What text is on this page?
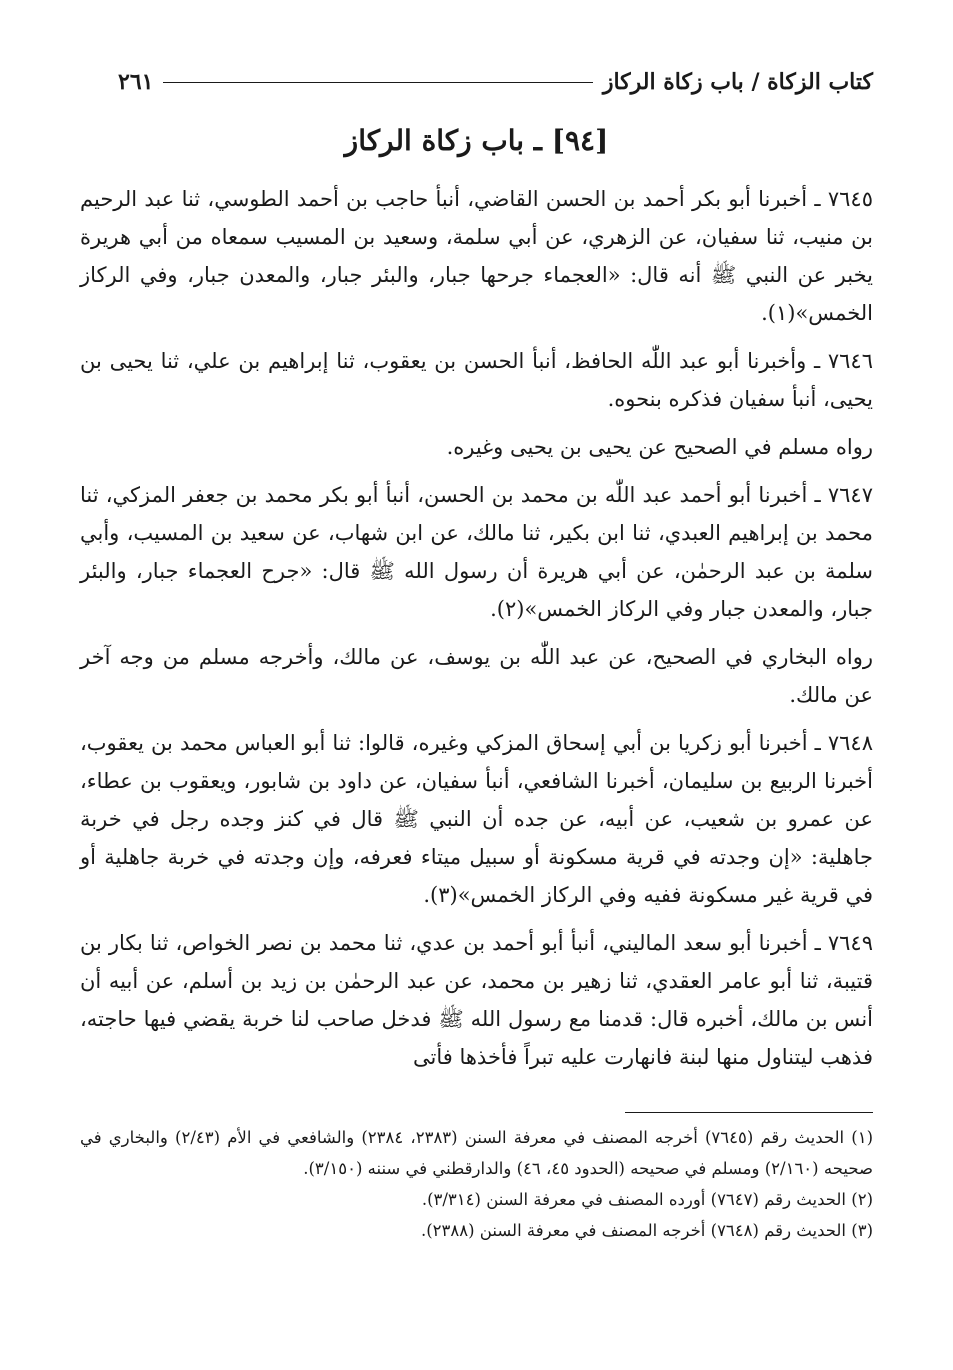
كتاب الزكاة / باب زكاة الركاز
٢٦١
[٩٤] ـ باب زكاة الركاز

٧٦٤٥ ـ أخبرنا أبو بكر أحمد بن الحسن القاضي، أنبأ حاجب بن أحمد الطوسي، ثنا عبد الرحيم بن منيب، ثنا سفيان، عن الزهري، عن أبي سلمة، وسعيد بن المسيب سمعاه من أبي هريرة يخبر عن النبي ﷺ أنه قال: «العجماء جرحها جبار، والبئر جبار، والمعدن جبار، وفي الركاز الخمس»(١).

٧٦٤٦ ـ وأخبرنا أبو عبد اللّٰه الحافظ، أنبأ الحسن بن يعقوب، ثنا إبراهيم بن علي، ثنا يحيى بن يحيى، أنبأ سفيان فذكره بنحوه.

رواه مسلم في الصحيح عن يحيى بن يحيى وغيره.

٧٦٤٧ ـ أخبرنا أبو أحمد عبد اللّٰه بن محمد بن الحسن، أنبأ أبو بكر محمد بن جعفر المزكي، ثنا محمد بن إبراهيم العبدي، ثنا ابن بكير، ثنا مالك، عن ابن شهاب، عن سعيد بن المسيب، وأبي سلمة بن عبد الرحمٰن، عن أبي هريرة أن رسول الله ﷺ قال: «جرح العجماء جبار، والبئر جبار، والمعدن جبار وفي الركاز الخمس»(٢).

رواه البخاري في الصحيح، عن عبد اللّٰه بن يوسف، عن مالك، وأخرجه مسلم من وجه آخر عن مالك.

٧٦٤٨ ـ أخبرنا أبو زكريا بن أبي إسحاق المزكي وغيره، قالوا: ثنا أبو العباس محمد بن يعقوب، أخبرنا الربيع بن سليمان، أخبرنا الشافعي، أنبأ سفيان، عن داود بن شابور، ويعقوب بن عطاء، عن عمرو بن شعيب، عن أبيه، عن جده أن النبي ﷺ قال في كنز وجده رجل في خربة جاهلية: «إن وجدته في قرية مسكونة أو سبيل ميتاء فعرفه، وإن وجدته في خربة جاهلية أو في قرية غير مسكونة ففيه وفي الركاز الخمس»(٣).

٧٦٤٩ ـ أخبرنا أبو سعد الماليني، أنبأ أبو أحمد بن عدي، ثنا محمد بن نصر الخواص، ثنا بكار بن قتيبة، ثنا أبو عامر العقدي، ثنا زهير بن محمد، عن عبد الرحمٰن بن زيد بن أسلم، عن أبيه أن أنس بن مالك، أخبره قال: قدمنا مع رسول الله ﷺ فدخل صاحب لنا خربة يقضي فيها حاجته، فذهب ليتناول منها لبنة فانهارت عليه تبراً فأخذها فأتى

(١) الحديث رقم (٧٦٤٥) أخرجه المصنف في معرفة السنن (٢٣٨٣، ٢٣٨٤) والشافعي في الأم (٢/٤٣) والبخاري في صحيحه (٢/١٦٠) ومسلم في صحيحه (الحدود ٤٥، ٤٦) والدارقطني في سننه (٣/١٥٠).

(٢) الحديث رقم (٧٦٤٧) أورده المصنف في معرفة السنن (٣/٣١٤).

(٣) الحديث رقم (٧٦٤٨) أخرجه المصنف في معرفة السنن (٢٣٨٨).
